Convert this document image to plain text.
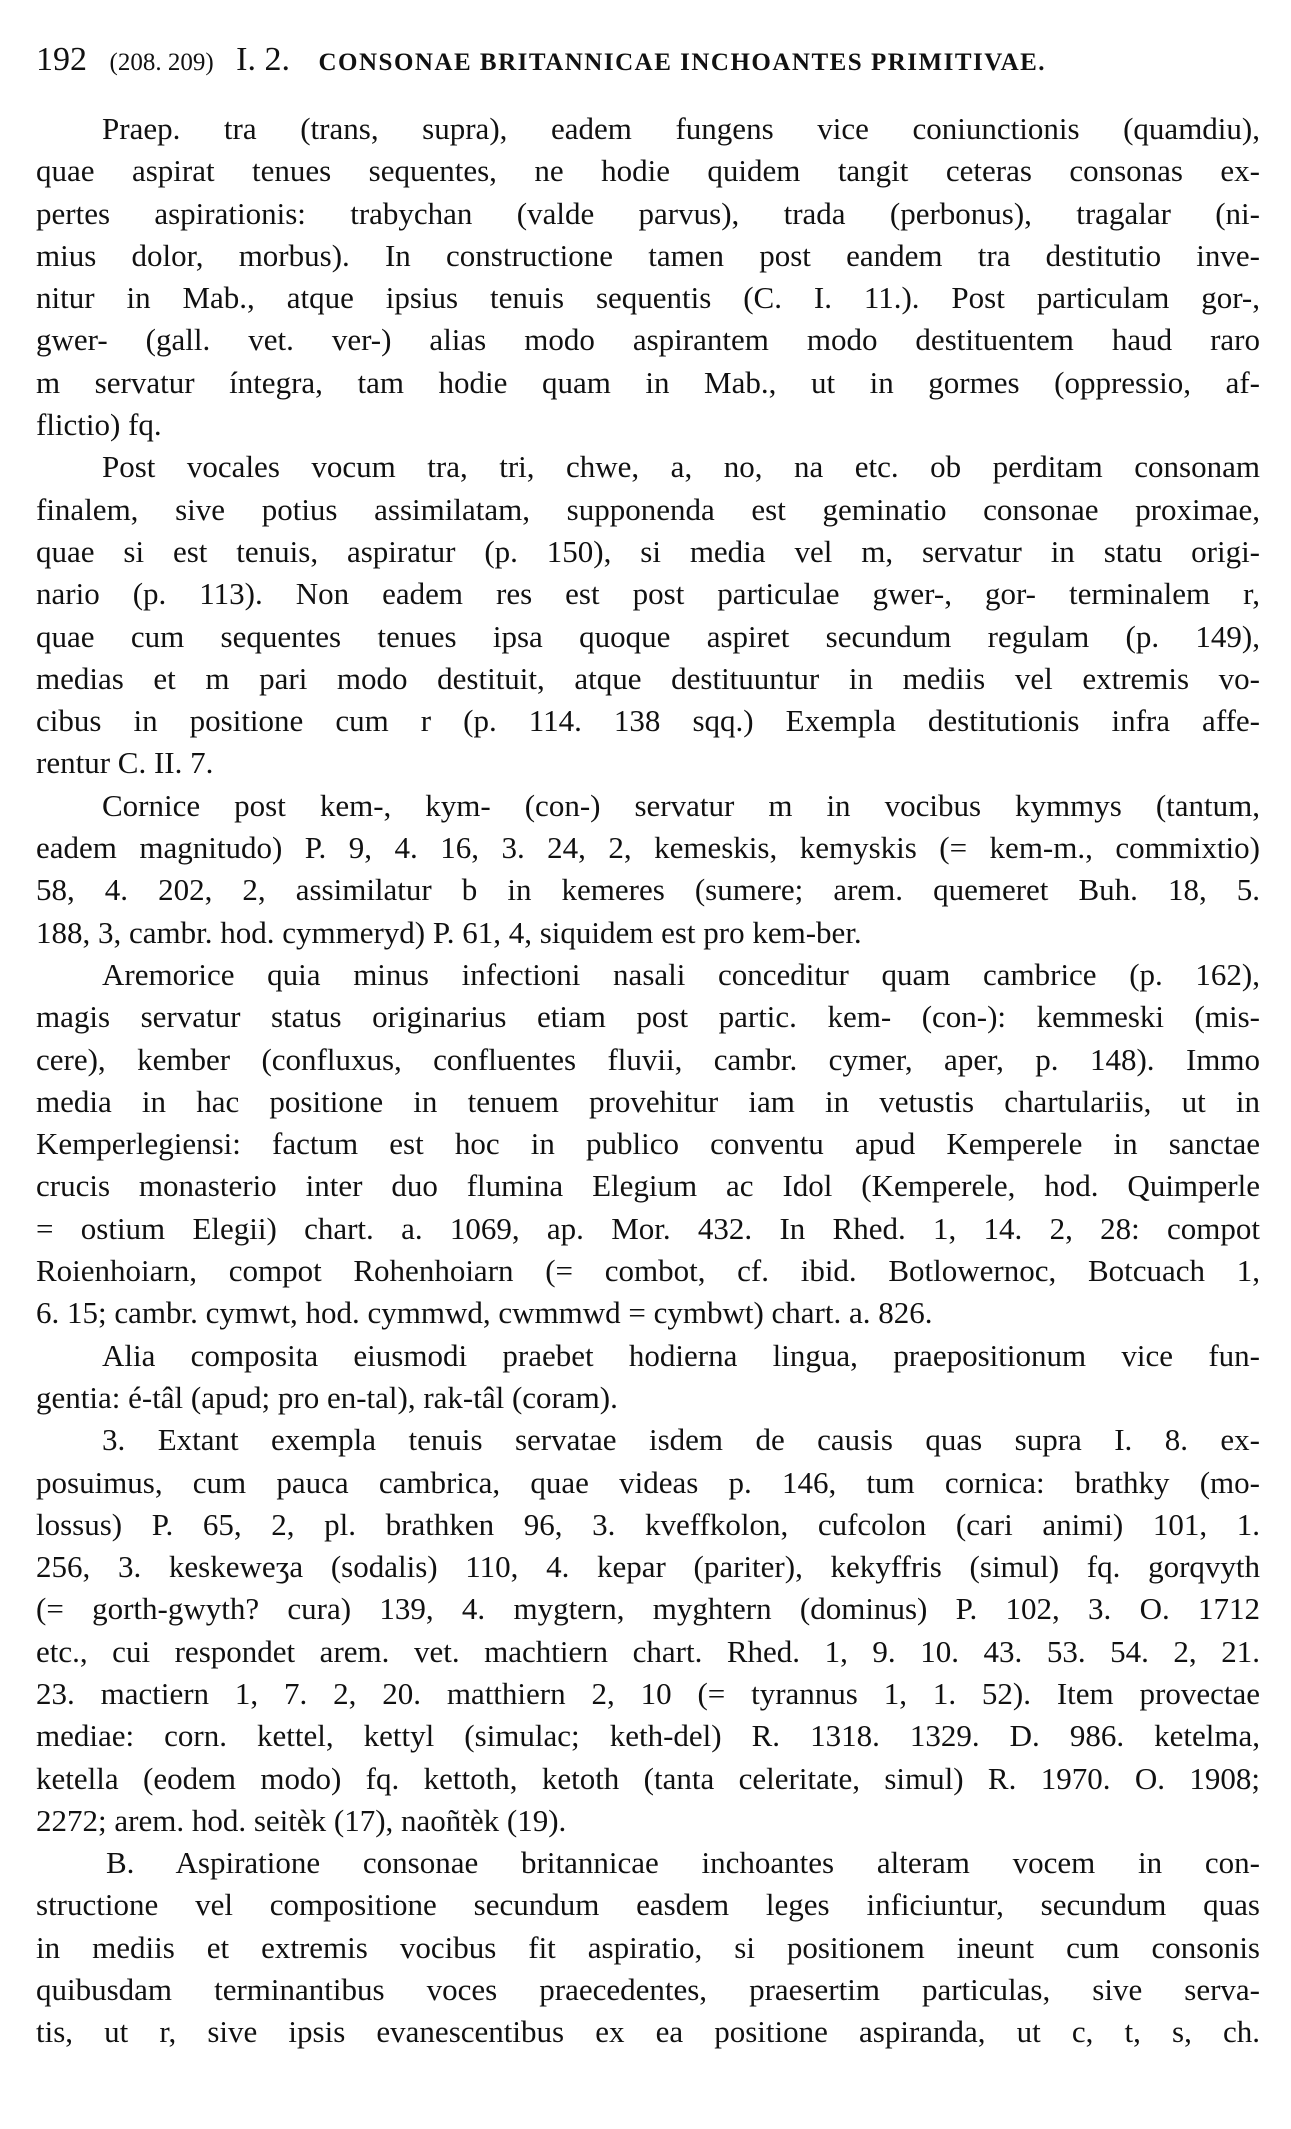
192 (208. 209) I. 2. CONSONAE BRITANNICAE INCHOANTES PRIMITIVAE.
Praep. tra (trans, supra), eadem fungens vice coniunctionis (quamdiu),
quae aspirat tenues sequentes, ne hodie quidem tangit ceteras consonas ex-
pertes aspirationis: trabychan (valde parvus), trada (perbonus), tragalar (ni-
mius dolor, morbus). In constructione tamen post eandem tra destitutio inve-
nitur in Mab., atque ipsius tenuis sequentis (C. I. 11.). Post particulam gor-,
gwer- (gall. vet. ver-) alias modo aspirantem modo destituentem haud raro
m servatur íntegra, tam hodie quam in Mab., ut in gormes (oppressio, af-
flictio) fq.
Post vocales vocum tra, tri, chwe, a, no, na etc. ob perditam consonam
finalem, sive potius assimilatam, supponenda est geminatio consonae proximae,
quae si est tenuis, aspiratur (p. 150), si media vel m, servatur in statu origi-
nario (p. 113). Non eadem res est post particulae gwer-, gor- terminalem r,
quae cum sequentes tenues ipsa quoque aspiret secundum regulam (p. 149),
medias et m pari modo destituit, atque destituuntur in mediis vel extremis vo-
cibus in positione cum r (p. 114. 138 sqq.) Exempla destitutionis infra affe-
rentur C. II. 7.
Cornice post kem-, kym- (con-) servatur m in vocibus kymmys (tantum,
eadem magnitudo) P. 9, 4. 16, 3. 24, 2, kemeskis, kemyskis (= kem-m., commixtio)
58, 4. 202, 2, assimilatur b in kemeres (sumere; arem. quemeret Buh. 18, 5.
188, 3, cambr. hod. cymmeryd) P. 61, 4, siquidem est pro kem-ber.
Aremorice quia minus infectioni nasali conceditur quam cambrice (p. 162),
magis servatur status originarius etiam post partic. kem- (con-): kemmeski (mis-
cere), kember (confluxus, confluentes fluvii, cambr. cymer, aper, p. 148). Immo
media in hac positione in tenuem provehitur iam in vetustis chartulariis, ut in
Kemperlegiensi: factum est hoc in publico conventu apud Kemperele in sanctae
crucis monasterio inter duo flumina Elegium ac Idol (Kemperele, hod. Quimperle
= ostium Elegii) chart. a. 1069, ap. Mor. 432. In Rhed. 1, 14. 2, 28: compot
Roienhoiarn, compot Rohenhoiarn (= combot, cf. ibid. Botlowernoc, Botcuach 1,
6. 15; cambr. cymwt, hod. cymmwd, cwmmwd = cymbwt) chart. a. 826.
Alia composita eiusmodi praebet hodierna lingua, praepositionum vice fun-
gentia: é-tâl (apud; pro en-tal), rak-tâl (coram).
3. Extant exempla tenuis servatae isdem de causis quas supra I. 8. ex-
posuimus, cum pauca cambrica, quae videas p. 146, tum cornica: brathky (mo-
lossus) P. 65, 2, pl. brathken 96, 3. kveffkolon, cufcolon (cari animi) 101, 1.
256, 3. keskeweʒa (sodalis) 110, 4. kepar (pariter), kekyffris (simul) fq. gorqvyth
(= gorth-gwyth? cura) 139, 4. mygtern, myghtern (dominus) P. 102, 3. O. 1712
etc., cui respondet arem. vet. machtiern chart. Rhed. 1, 9. 10. 43. 53. 54. 2, 21.
23. mactiern 1, 7. 2, 20. matthiern 2, 10 (= tyrannus 1, 1. 52). Item provectae
mediae: corn. kettel, kettyl (simulac; keth-del) R. 1318. 1329. D. 986. ketelma,
ketella (eodem modo) fq. kettoth, ketoth (tanta celeritate, simul) R. 1970. O. 1908;
2272; arem. hod. seitèk (17), naoñtèk (19).
B. Aspiratione consonae britannicae inchoantes alteram vocem in con-
structione vel compositione secundum easdem leges inficiuntur, secundum quas
in mediis et extremis vocibus fit aspiratio, si positionem ineunt cum consonis
quibusdam terminantibus voces praecedentes, praesertim particulas, sive serva-
tis, ut r, sive ipsis evanescentibus ex ea positione aspiranda, ut c, t, s, ch.
